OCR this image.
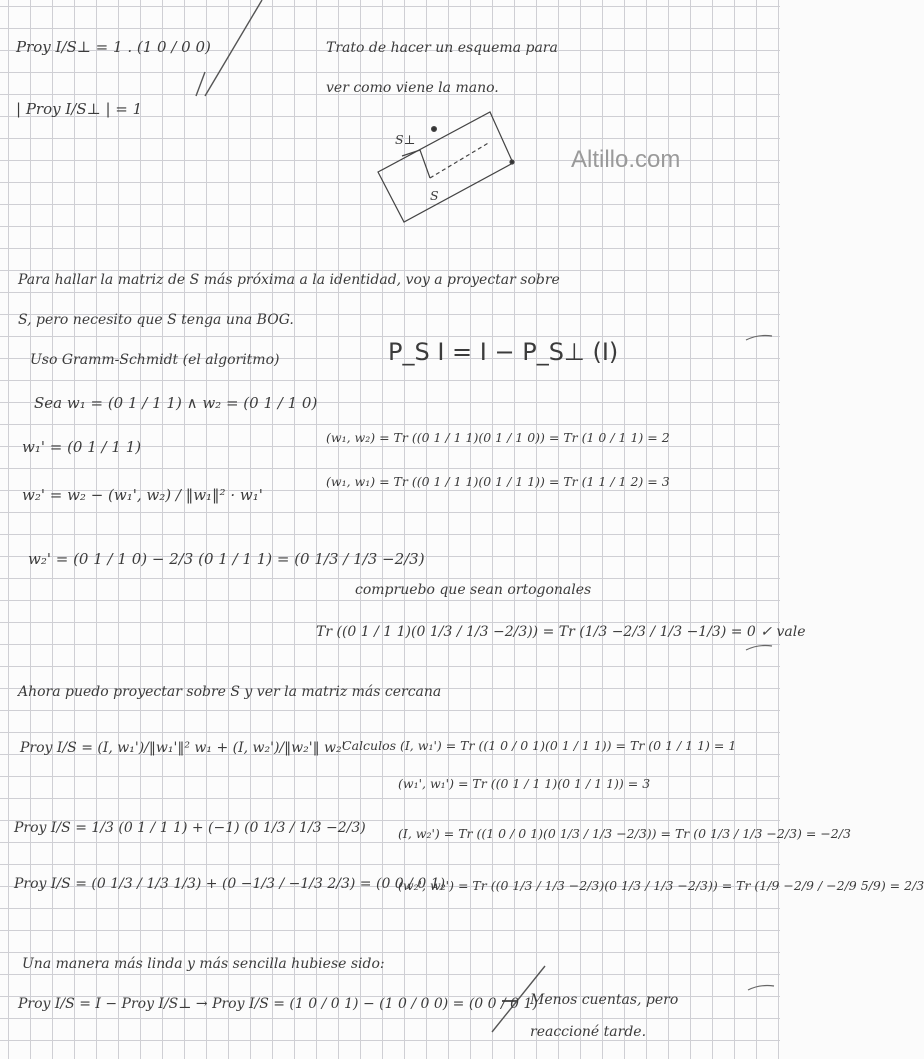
Altillo.com
Proy I/S⊥ = 1 . (1 0 / 0 0)
| Proy I/S⊥ | = 1
Trato de hacer un esquema para
ver como viene la mano.
S⊥
S
Para hallar la matriz de S más próxima a la identidad, voy a proyectar sobre
S, pero necesito que S tenga una BOG.
Uso Gramm-Schmidt (el algoritmo)	P_S I = I − P_S⊥ (I)
Sea w₁ = (0 1 / 1 1) ∧ w₂ = (0 1 / 1 0)
w₁' = (0 1 / 1 1)
(w₁, w₂) = Tr ((0 1 / 1 1)(0 1 / 1 0)) = Tr (1 0 / 1 1) = 2
w₂' = w₂ − (w₁', w₂) / ‖w₁‖² · w₁'
(w₁, w₁) = Tr ((0 1 / 1 1)(0 1 / 1 1)) = Tr (1 1 / 1 2) = 3
w₂' = (0 1 / 1 0) − 2/3 (0 1 / 1 1) = (0 1/3 / 1/3 −2/3)
compruebo que sean ortogonales
Tr ((0 1 / 1 1)(0 1/3 / 1/3 −2/3)) = Tr (1/3 −2/3 / 1/3 −1/3) = 0 ✓ vale
Ahora puedo proyectar sobre S y ver la matriz más cercana
Proy I/S = (I, w₁')/‖w₁'‖² w₁ + (I, w₂')/‖w₂'‖ w₂'
Calculos (I, w₁') = Tr ((1 0 / 0 1)(0 1 / 1 1)) = Tr (0 1 / 1 1) = 1
(w₁', w₁') = Tr ((0 1 / 1 1)(0 1 / 1 1)) = 3
Proy I/S = 1/3 (0 1 / 1 1) + (−1) (0 1/3 / 1/3 −2/3)	(I, w₂') = Tr ((1 0 / 0 1)(0 1/3 / 1/3 −2/3)) = Tr (0 1/3 / 1/3 −2/3) = −2/3
Proy I/S = (0 1/3 / 1/3 1/3) + (0 −1/3 / −1/3 2/3) = (0 0 / 0 1)
(w₂', w₂') = Tr ((0 1/3 / 1/3 −2/3)(0 1/3 / 1/3 −2/3)) = Tr (1/9 −2/9 / −2/9 5/9) = 2/3
Una manera más linda y más sencilla hubiese sido:
Proy I/S = I − Proy I/S⊥ → Proy I/S = (1 0 / 0 1) − (1 0 / 0 0) = (0 0 / 0 1)
Menos cuentas, pero
reaccioné tarde.
